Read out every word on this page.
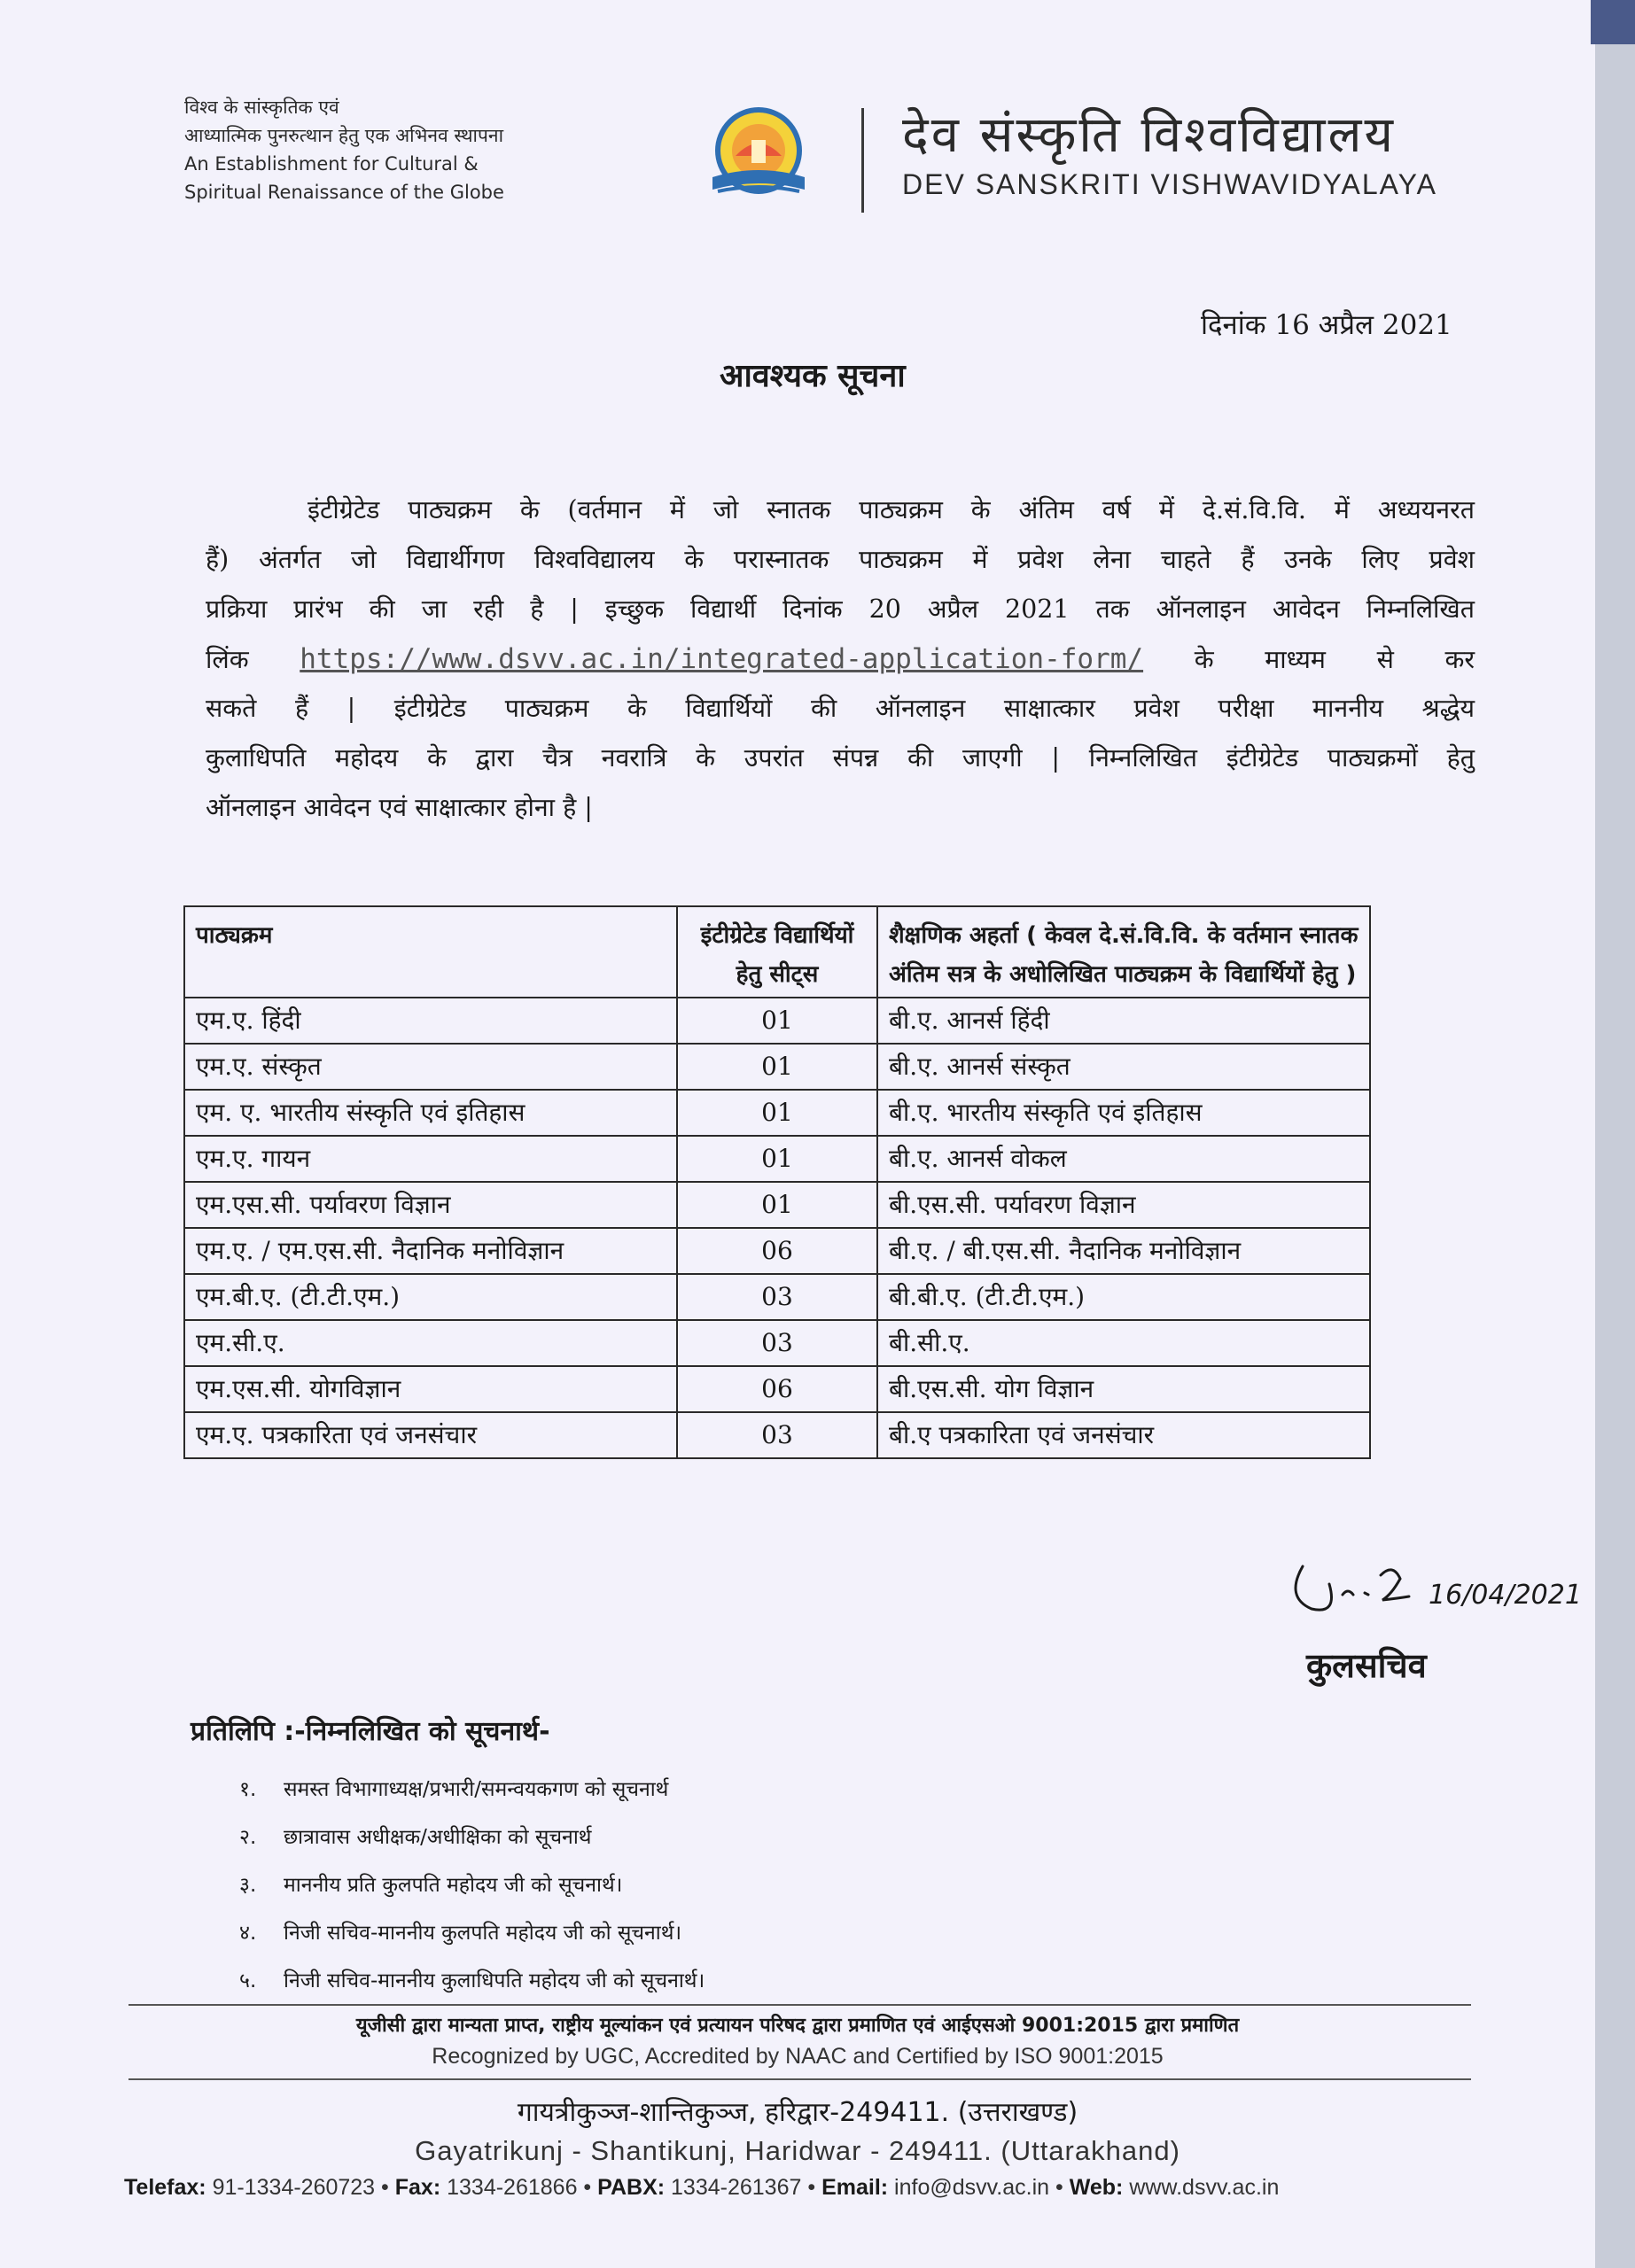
विश्व के सांस्कृतिक एवं
आध्यात्मिक पुनरुत्थान हेतु एक अभिनव स्थापना
An Establishment for Cultural &
Spiritual Renaissance of the Globe
देव संस्कृति विश्वविद्यालय
DEV SANSKRITI VISHWAVIDYALAYA
दिनांक 16 अप्रैल 2021
आवश्यक सूचना
इंटीग्रेटेड पाठ्यक्रम के (वर्तमान में जो स्नातक पाठ्यक्रम के अंतिम वर्ष में दे.सं.वि.वि. में अध्ययनरत
हैं) अंतर्गत जो विद्यार्थीगण विश्वविद्यालय के परास्नातक पाठ्यक्रम में प्रवेश लेना चाहते हैं उनके लिए प्रवेश
प्रक्रिया प्रारंभ की जा रही है | इच्छुक विद्यार्थी दिनांक 20 अप्रैल 2021 तक ऑनलाइन आवेदन निम्नलिखित
लिंक https://www.dsvv.ac.in/integrated-application-form/ के माध्यम से कर
सकते हैं | इंटीग्रेटेड पाठ्यक्रम के विद्यार्थियों की ऑनलाइन साक्षात्कार प्रवेश परीक्षा माननीय श्रद्धेय
कुलाधिपति महोदय के द्वारा चैत्र नवरात्रि के उपरांत संपन्न की जाएगी | निम्नलिखित इंटीग्रेटेड पाठ्यक्रमों हेतु
ऑनलाइन आवेदन एवं साक्षात्कार होना है |
पाठ्यक्रम	इंटीग्रेटेड विद्यार्थियों हेतु सीट्स	शैक्षणिक अहर्ता ( केवल दे.सं.वि.वि. के वर्तमान स्नातक अंतिम सत्र के अधोलिखित पाठ्यक्रम के विद्यार्थियों हेतु )
एम.ए. हिंदी	01	बी.ए. आनर्स हिंदी
एम.ए. संस्कृत	01	बी.ए. आनर्स संस्कृत
एम. ए. भारतीय संस्कृति एवं इतिहास	01	बी.ए. भारतीय संस्कृति एवं इतिहास
एम.ए. गायन	01	बी.ए. आनर्स वोकल
एम.एस.सी. पर्यावरण विज्ञान	01	बी.एस.सी. पर्यावरण विज्ञान
एम.ए. / एम.एस.सी. नैदानिक मनोविज्ञान	06	बी.ए. / बी.एस.सी. नैदानिक मनोविज्ञान
एम.बी.ए. (टी.टी.एम.)	03	बी.बी.ए. (टी.टी.एम.)
एम.सी.ए.	03	बी.सी.ए.
एम.एस.सी. योगविज्ञान	06	बी.एस.सी. योग विज्ञान
एम.ए. पत्रकारिता एवं जनसंचार	03	बी.ए पत्रकारिता एवं जनसंचार
16/04/2021
कुलसचिव
प्रतिलिपि :-निम्नलिखित को सूचनार्थ-
१. समस्त विभागाध्यक्ष/प्रभारी/समन्वयकगण को सूचनार्थ
२. छात्रावास अधीक्षक/अधीक्षिका को सूचनार्थ
३. माननीय प्रति कुलपति महोदय जी को सूचनार्थ।
४. निजी सचिव-माननीय कुलपति महोदय जी को सूचनार्थ।
५. निजी सचिव-माननीय कुलाधिपति महोदय जी को सूचनार्थ।
यूजीसी द्वारा मान्यता प्राप्त, राष्ट्रीय मूल्यांकन एवं प्रत्यायन परिषद द्वारा प्रमाणित एवं आईएसओ 9001:2015 द्वारा प्रमाणित
Recognized by UGC, Accredited by NAAC and Certified by ISO 9001:2015
गायत्रीकुञ्ज-शान्तिकुञ्ज, हरिद्वार-249411. (उत्तराखण्ड)
Gayatrikunj - Shantikunj, Haridwar - 249411. (Uttarakhand)
Telefax: 91-1334-260723 • Fax: 1334-261866 • PABX: 1334-261367 • Email: info@dsvv.ac.in • Web: www.dsvv.ac.in
